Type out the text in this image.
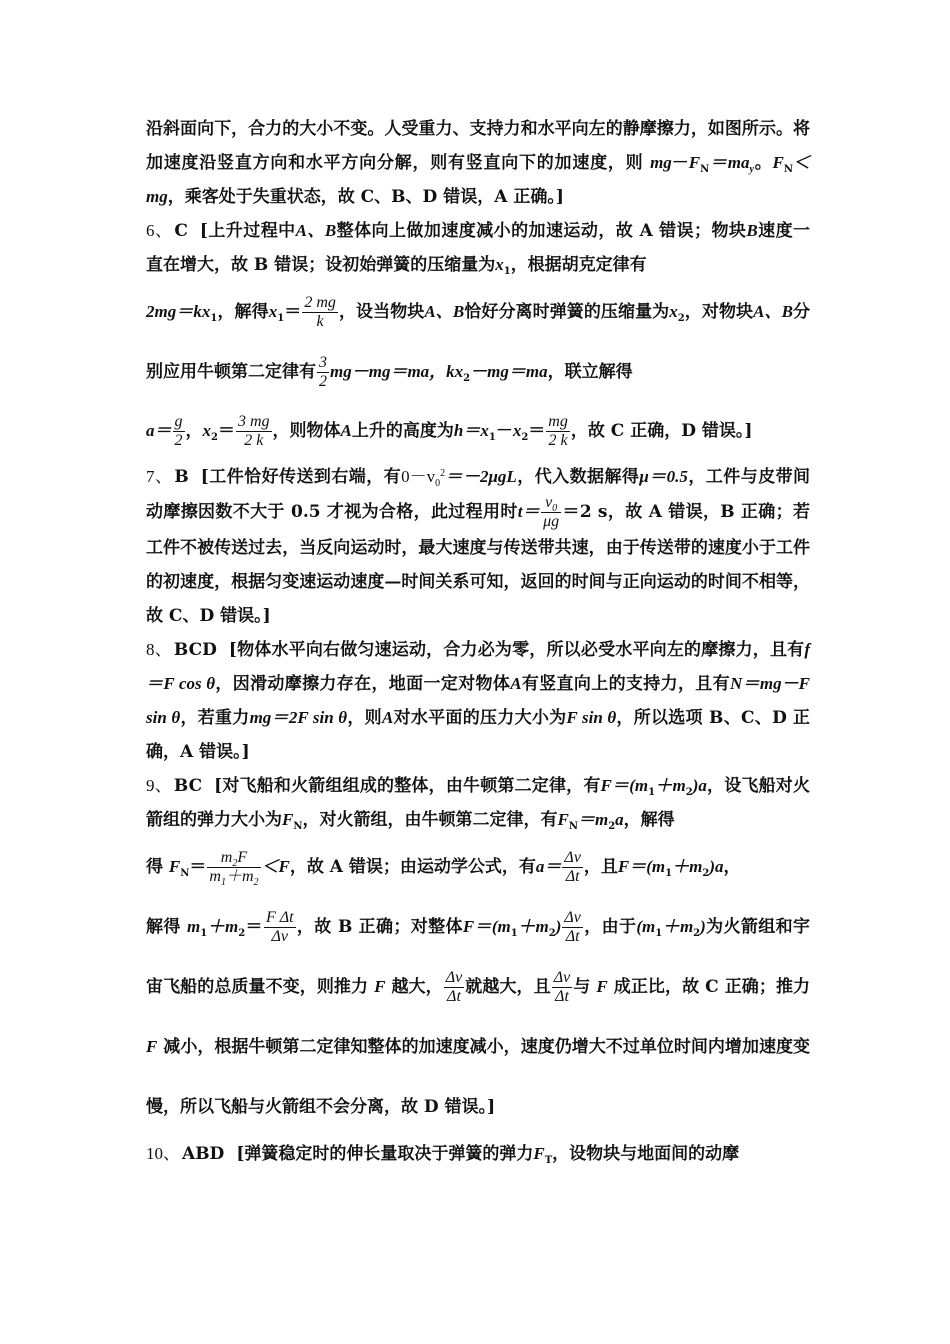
沿斜面向下，合力的大小不变。人受重力、支持力和水平向左的静摩擦力，如图所示。将加速度沿竖直方向和水平方向分解，则有竖直向下的加速度，则 $mg-F_N=ma_y$。$F_N<mg$，乘客处于失重状态，故 C、B、D 错误，A 正确。]

6、 C [上升过程中A、B整体向上做加速度减小的加速运动，故 A 错误；物块B速度一直在增大，故 B 错误；设初始弹簧的压缩量为$x_1$，根据胡克定律有

$2mg=kx_1$，解得$x_1= \frac{2 mg}{k}$ ，设当物块A、B恰好分离时弹簧的压缩量为$x_2$，对物块A、B分别应用牛顿第二定律有 $\frac{3}{2} mg-mg=ma$，$kx_2-mg=ma$，联立解得

$a= \frac{g}{2}$ ，$x_2= \frac{3 mg}{2 k}$ ，则物体A上升的高度为$h=x_1-x_2= \frac{mg}{2 k}$ ，故 C 正确，D 错误。]

7、 B [工件恰好传送到右端，有$0-v_0^2=-2\mu gL$，代入数据解得μ＝0.5，工件与皮带间动摩擦因数不大于 0.5 才视为合格，此过程用时$t= \frac{v_0}{\mu g} =2$ s，故 A 错误，B 正确；若工件不被传送过去，当反向运动时，最大速度与传送带共速，由于传送带的速度小于工件的初速度，根据匀变速运动速度—时间关系可知，返回的时间与正向运动的时间不相等，故 C、D 错误。]

8、 BCD [物体水平向右做匀速运动，合力必为零，所以必受水平向左的摩擦力，且有f＝F cos θ，因滑动摩擦力存在，地面一定对物体A有竖直向上的支持力，且有N＝mg－F sin θ，若重力mg＝2F sin θ，则A对水平面的压力大小为F sin θ，所以选项 B、C、D 正确，A 错误。]

9、 BC [对飞船和火箭组组成的整体，由牛顿第二定律，有$F=(m_1+m_2)a$，设飞船对火箭组的弹力大小为$F_N$，对火箭组，由牛顿第二定律，有$F_N=m_2a$，解得

得 $F_N= \frac{m_2F}{m_1+m_2} <F$，故 A 错误；由运动学公式，有$a= \frac{\Delta v}{\Delta t}$ ，且$F=(m_1+m_2)a$，

解得 $m_1+m_2= \frac{\text{F Δt}}{\Delta v}$ ，故 B 正确；对整体$F=(m_1+m_2) \frac{\Delta v}{\Delta t}$ ，由于$(m_1+m_2)$为火箭组和宇宙飞船的总质量不变，则推力 F 越大， $\frac{\Delta v}{\Delta t}$ 就越大，且 $\frac{\Delta v}{\Delta t}$ 与 F 成正比，故 C 正确；推力 F 减小，根据牛顿第二定律知整体的加速度减小，速度仍增大不过单位时间内增加速度变慢，所以飞船与火箭组不会分离，故 D 错误。]

10、 ABD [弹簧稳定时的伸长量取决于弹簧的弹力$F_T$，设物块与地面间的动摩
